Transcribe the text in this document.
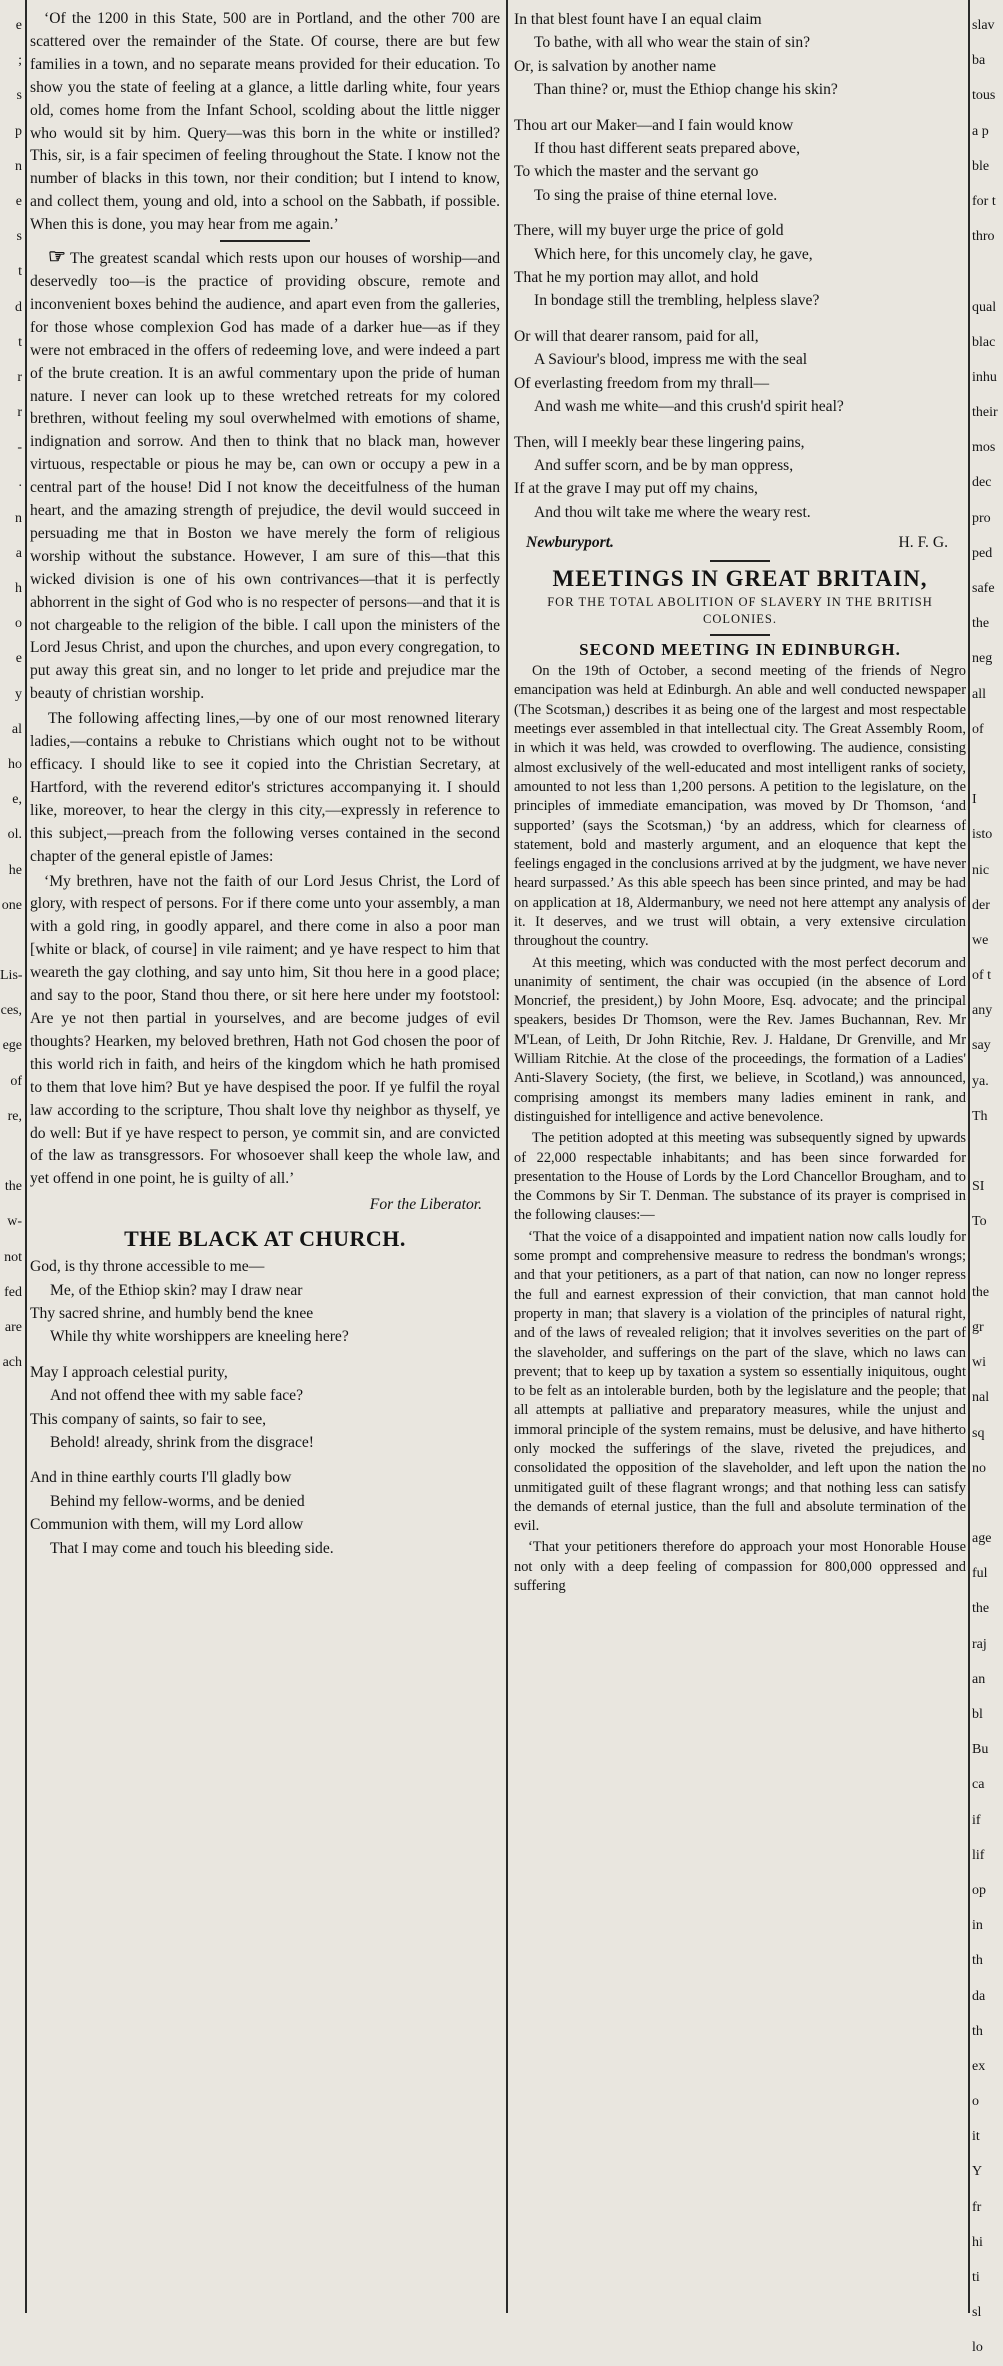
e
;
s
p
n
e
s
t
d
t
r
r
-
.
n
a
h
o
e
y
al
ho
e,
ol.
he
one
Lis-
ces,
ege
of
re,
the
w-
not
fed
are
ach

‘Of the 1200 in this State, 500 are in Portland, and the other 700 are scattered over the remainder of the State. Of course, there are but few families in a town, and no separate means provided for their education. To show you the state of feeling at a glance, a little darling white, four years old, comes home from the Infant School, scolding about the little nigger who would sit by him. Query—was this born in the white or instilled? This, sir, is a fair specimen of feeling throughout the State. I know not the number of blacks in this town, nor their condition; but I intend to know, and collect them, young and old, into a school on the Sabbath, if possible. When this is done, you may hear from me again.’

☞ The greatest scandal which rests upon our houses of worship—and deservedly too—is the practice of providing obscure, remote and inconvenient boxes behind the audience, and apart even from the galleries, for those whose complexion God has made of a darker hue—as if they were not embraced in the offers of redeeming love, and were indeed a part of the brute creation. It is an awful commentary upon the pride of human nature. I never can look up to these wretched retreats for my colored brethren, without feeling my soul overwhelmed with emotions of shame, indignation and sorrow. And then to think that no black man, however virtuous, respectable or pious he may be, can own or occupy a pew in a central part of the house! Did I not know the deceitfulness of the human heart, and the amazing strength of prejudice, the devil would succeed in persuading me that in Boston we have merely the form of religious worship without the substance. However, I am sure of this—that this wicked division is one of his own contrivances—that it is perfectly abhorrent in the sight of God who is no respecter of persons—and that it is not chargeable to the religion of the bible. I call upon the ministers of the Lord Jesus Christ, and upon the churches, and upon every congregation, to put away this great sin, and no longer to let pride and prejudice mar the beauty of christian worship.

The following affecting lines,—by one of our most renowned literary ladies,—contains a rebuke to Christians which ought not to be without efficacy. I should like to see it copied into the Christian Secretary, at Hartford, with the reverend editor's strictures accompanying it. I should like, moreover, to hear the clergy in this city,—expressly in reference to this subject,—preach from the following verses contained in the second chapter of the general epistle of James:

‘My brethren, have not the faith of our Lord Jesus Christ, the Lord of glory, with respect of persons. For if there come unto your assembly, a man with a gold ring, in goodly apparel, and there come in also a poor man [white or black, of course] in vile raiment; and ye have respect to him that weareth the gay clothing, and say unto him, Sit thou here in a good place; and say to the poor, Stand thou there, or sit here here under my footstool: Are ye not then partial in yourselves, and are become judges of evil thoughts? Hearken, my beloved brethren, Hath not God chosen the poor of this world rich in faith, and heirs of the kingdom which he hath promised to them that love him? But ye have despised the poor. If ye fulfil the royal law according to the scripture, Thou shalt love thy neighbor as thyself, ye do well: But if ye have respect to person, ye commit sin, and are convicted of the law as transgressors. For whosoever shall keep the whole law, and yet offend in one point, he is guilty of all.’

For the Liberator.
THE BLACK AT CHURCH.
God, is thy throne accessible to me—
Me, of the Ethiop skin? may I draw near
Thy sacred shrine, and humbly bend the knee
While thy white worshippers are kneeling here?
May I approach celestial purity,
And not offend thee with my sable face?
This company of saints, so fair to see,
Behold! already, shrink from the disgrace!
And in thine earthly courts I'll gladly bow
Behind my fellow-worms, and be denied
Communion with them, will my Lord allow
That I may come and touch his bleeding side.
In that blest fount have I an equal claim
To bathe, with all who wear the stain of sin?
Or, is salvation by another name
Than thine? or, must the Ethiop change his skin?
Thou art our Maker—and I fain would know
If thou hast different seats prepared above,
To which the master and the servant go
To sing the praise of thine eternal love.
There, will my buyer urge the price of gold
Which here, for this uncomely clay, he gave,
That he my portion may allot, and hold
In bondage still the trembling, helpless slave?
Or will that dearer ransom, paid for all,
A Saviour's blood, impress me with the seal
Of everlasting freedom from my thrall—
And wash me white—and this crush'd spirit heal?
Then, will I meekly bear these lingering pains,
And suffer scorn, and be by man oppress,
If at the grave I may put off my chains,
And thou wilt take me where the weary rest.
Newburyport.	H. F. G.
MEETINGS IN GREAT BRITAIN,
FOR THE TOTAL ABOLITION OF SLAVERY IN THE BRITISH COLONIES.
SECOND MEETING IN EDINBURGH.

On the 19th of October, a second meeting of the friends of Negro emancipation was held at Edinburgh. An able and well conducted newspaper (The Scotsman,) describes it as being one of the largest and most respectable meetings ever assembled in that intellectual city. The Great Assembly Room, in which it was held, was crowded to overflowing. The audience, consisting almost exclusively of the well-educated and most intelligent ranks of society, amounted to not less than 1,200 persons. A petition to the legislature, on the principles of immediate emancipation, was moved by Dr Thomson, ‘and supported’ (says the Scotsman,) ‘by an address, which for clearness of statement, bold and masterly argument, and an eloquence that kept the feelings engaged in the conclusions arrived at by the judgment, we have never heard surpassed.’ As this able speech has been since printed, and may be had on application at 18, Aldermanbury, we need not here attempt any analysis of it. It deserves, and we trust will obtain, a very extensive circulation throughout the country.

At this meeting, which was conducted with the most perfect decorum and unanimity of sentiment, the chair was occupied (in the absence of Lord Moncrief, the president,) by John Moore, Esq. advocate; and the principal speakers, besides Dr Thomson, were the Rev. James Buchannan, Rev. Mr M'Lean, of Leith, Dr John Ritchie, Rev. J. Haldane, Dr Grenville, and Mr William Ritchie. At the close of the proceedings, the formation of a Ladies' Anti-Slavery Society, (the first, we believe, in Scotland,) was announced, comprising amongst its members many ladies eminent in rank, and distinguished for intelligence and active benevolence.

The petition adopted at this meeting was subsequently signed by upwards of 22,000 respectable inhabitants; and has been since forwarded for presentation to the House of Lords by the Lord Chancellor Brougham, and to the Commons by Sir T. Denman. The substance of its prayer is comprised in the following clauses:—

‘That the voice of a disappointed and impatient nation now calls loudly for some prompt and comprehensive measure to redress the bondman's wrongs; and that your petitioners, as a part of that nation, can now no longer repress the full and earnest expression of their conviction, that man cannot hold property in man; that slavery is a violation of the principles of natural right, and of the laws of revealed religion; that it involves severities on the part of the slaveholder, and sufferings on the part of the slave, which no laws can prevent; that to keep up by taxation a system so essentially iniquitous, ought to be felt as an intolerable burden, both by the legislature and the people; that all attempts at palliative and preparatory measures, while the unjust and immoral principle of the system remains, must be delusive, and have hitherto only mocked the sufferings of the slave, riveted the prejudices, and consolidated the opposition of the slaveholder, and left upon the nation the unmitigated guilt of these flagrant wrongs; and that nothing less can satisfy the demands of eternal justice, than the full and absolute termination of the evil.

‘That your petitioners therefore do approach your most Honorable House not only with a deep feeling of compassion for 800,000 oppressed and suffering

slav
ba
tous
a p
ble
for t
thro
qual
blac
inhu
their
mos
dec
pro
ped
safe
the
neg
all
of
I
isto
nic
der
we
of t
any
say
ya.
Th
SI
To
the
gr
wi
nal
sq
no
age
ful
the
raj
an
bl
Bu
ca
if
lif
op
in
th
da
th
ex
o
it
Y
fr
hi
ti
sl
lo
